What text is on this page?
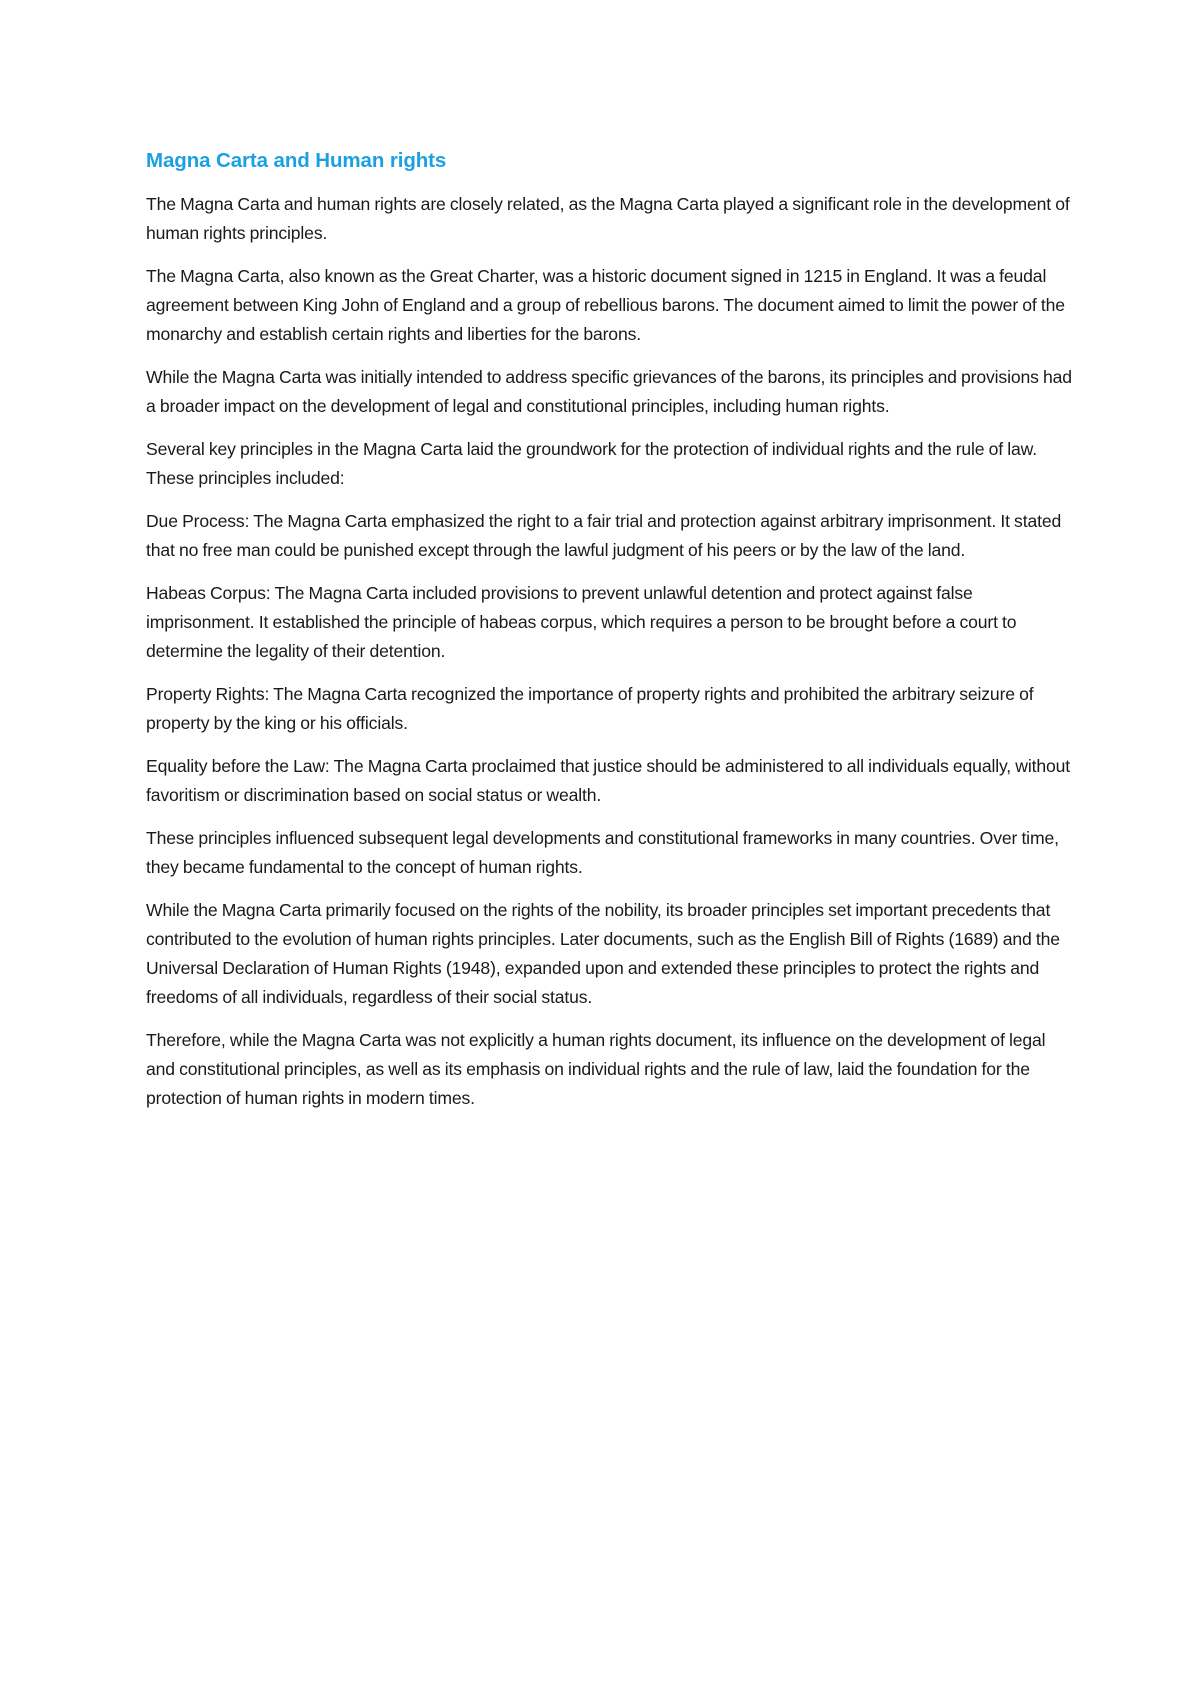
Magna Carta and Human rights

The Magna Carta and human rights are closely related, as the Magna Carta played a significant role in the development of human rights principles.

The Magna Carta, also known as the Great Charter, was a historic document signed in 1215 in England. It was a feudal agreement between King John of England and a group of rebellious barons. The document aimed to limit the power of the monarchy and establish certain rights and liberties for the barons.

While the Magna Carta was initially intended to address specific grievances of the barons, its principles and provisions had a broader impact on the development of legal and constitutional principles, including human rights.

Several key principles in the Magna Carta laid the groundwork for the protection of individual rights and the rule of law. These principles included:

Due Process: The Magna Carta emphasized the right to a fair trial and protection against arbitrary imprisonment. It stated that no free man could be punished except through the lawful judgment of his peers or by the law of the land.

Habeas Corpus: The Magna Carta included provisions to prevent unlawful detention and protect against false imprisonment. It established the principle of habeas corpus, which requires a person to be brought before a court to determine the legality of their detention.

Property Rights: The Magna Carta recognized the importance of property rights and prohibited the arbitrary seizure of property by the king or his officials.

Equality before the Law: The Magna Carta proclaimed that justice should be administered to all individuals equally, without favoritism or discrimination based on social status or wealth.

These principles influenced subsequent legal developments and constitutional frameworks in many countries. Over time, they became fundamental to the concept of human rights.

While the Magna Carta primarily focused on the rights of the nobility, its broader principles set important precedents that contributed to the evolution of human rights principles. Later documents, such as the English Bill of Rights (1689) and the Universal Declaration of Human Rights (1948), expanded upon and extended these principles to protect the rights and freedoms of all individuals, regardless of their social status.

Therefore, while the Magna Carta was not explicitly a human rights document, its influence on the development of legal and constitutional principles, as well as its emphasis on individual rights and the rule of law, laid the foundation for the protection of human rights in modern times.
